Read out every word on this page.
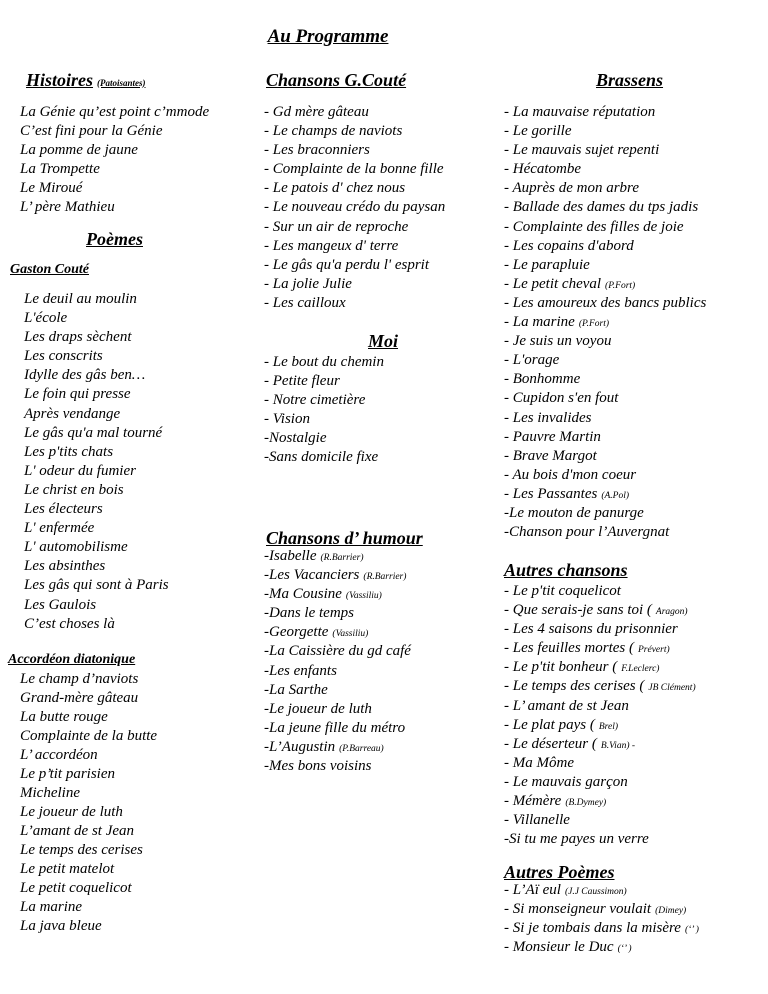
Au Programme
Histoires (Patoisantes)
La Génie qu’est point c’mmode
C’est fini pour la Génie
La pomme de jaune
La Trompette
Le Miroué
L’ père Mathieu
Poèmes
Gaston Couté
Le deuil au moulin
L'école
Les draps sèchent
Les conscrits
Idylle des gâs ben…
Le foin qui presse
Après vendange
Le gâs qu'a mal tourné
Les p'tits chats
L' odeur du fumier
Le christ en bois
Les électeurs
L' enfermée
L' automobilisme
Les absinthes
Les gâs qui sont à Paris
Les Gaulois
C’est choses là
Accordéon diatonique
Le champ d’naviots
Grand-mère gâteau
La butte rouge
Complainte de la butte
L’ accordéon
Le p’tit parisien
Micheline
Le joueur de luth
L’amant de st Jean
Le temps des cerises
Le petit matelot
Le petit coquelicot
La marine
La java bleue
Chansons G.Couté
- Gd mère gâteau
- Le champs de naviots
- Les braconniers
- Complainte de la bonne fille
- Le patois d' chez nous
- Le nouveau crédo du paysan
- Sur un air de reproche
- Les mangeux d' terre
- Le gâs qu'a perdu l' esprit
- La jolie Julie
- Les cailloux
Moi
- Le bout du chemin
- Petite fleur
- Notre cimetière
- Vision
-Nostalgie
-Sans domicile fixe
Chansons d’ humour
-Isabelle (R.Barrier)
-Les Vacanciers (R.Barrier)
-Ma Cousine (Vassiliu)
-Dans le temps
-Georgette (Vassiliu)
-La Caissière du gd café
-Les enfants
-La Sarthe
-Le joueur de luth
-La jeune fille du métro
-L’Augustin (P.Barreau)
-Mes bons voisins
Brassens
- La mauvaise réputation
- Le gorille
- Le mauvais sujet repenti
- Hécatombe
- Auprès de mon arbre
- Ballade des dames du tps jadis
- Complainte des filles de joie
- Les copains d'abord
- Le parapluie
- Le petit cheval (P.Fort)
- Les amoureux des bancs publics
- La marine (P.Fort)
- Je suis un voyou
- L'orage
- Bonhomme
- Cupidon s'en fout
- Les invalides
- Pauvre Martin
- Brave Margot
- Au bois d'mon coeur
- Les Passantes (A.Pol)
-Le mouton de panurge
-Chanson pour l’Auvergnat
Autres chansons
- Le p'tit coquelicot
- Que serais-je sans toi ( Aragon)
- Les 4 saisons du prisonnier
- Les feuilles mortes ( Prévert)
- Le p'tit bonheur ( F.Leclerc)
- Le temps des cerises ( JB Clément)
- L’ amant de st Jean
- Le plat pays ( Brel)
- Le déserteur ( B.Vian) -
- Ma Môme
- Le mauvais garçon
- Mémère (B.Dymey)
- Villanelle
-Si tu me payes un verre
Autres Poèmes
- L’Aï eul (J.J Caussimon)
- Si monseigneur voulait (Dimey)
- Si je tombais dans la misère (‘’ )
- Monsieur le Duc (‘’ )
